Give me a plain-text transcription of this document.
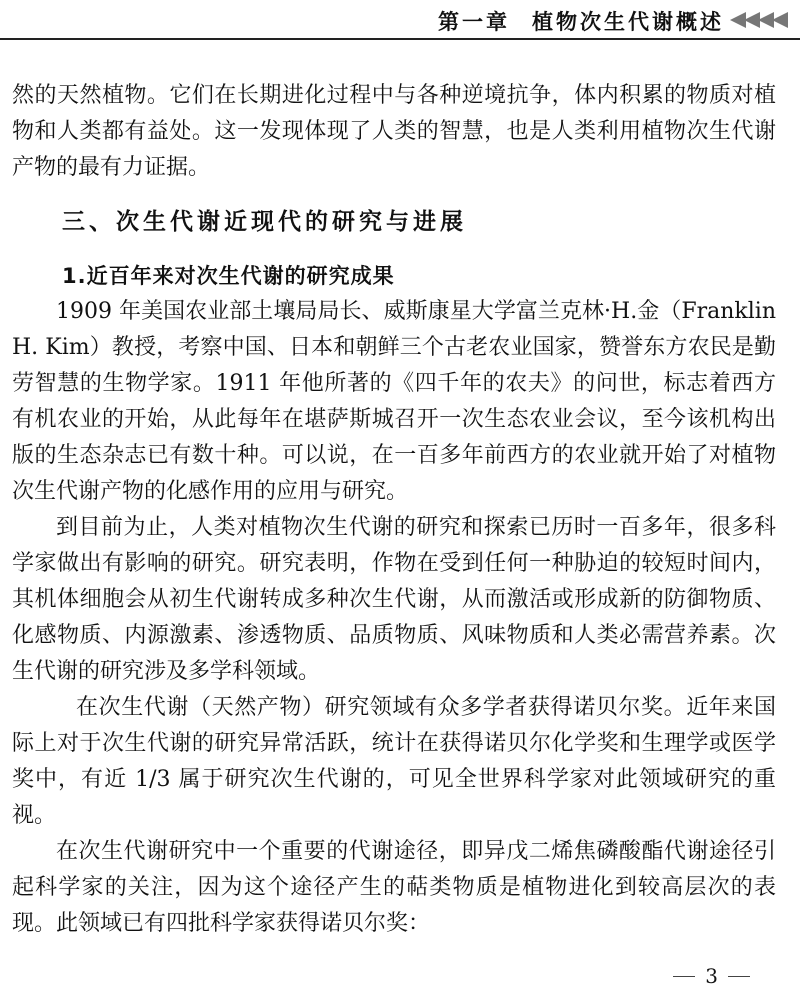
第一章 植物次生代谢概述

然的天然植物。它们在长期进化过程中与各种逆境抗争，体内积累的物质对植物和人类都有益处。这一发现体现了人类的智慧，也是人类利用植物次生代谢产物的最有力证据。

三、次生代谢近现代的研究与进展
1.近百年来对次生代谢的研究成果

1909 年美国农业部土壤局局长、威斯康星大学富兰克林·H.金（Franklin H. Kim）教授，考察中国、日本和朝鲜三个古老农业国家，赞誉东方农民是勤劳智慧的生物学家。1911 年他所著的《四千年的农夫》的问世，标志着西方有机农业的开始，从此每年在堪萨斯城召开一次生态农业会议，至今该机构出版的生态杂志已有数十种。可以说，在一百多年前西方的农业就开始了对植物次生代谢产物的化感作用的应用与研究。

到目前为止，人类对植物次生代谢的研究和探索已历时一百多年，很多科学家做出有影响的研究。研究表明，作物在受到任何一种胁迫的较短时间内，其机体细胞会从初生代谢转成多种次生代谢，从而激活或形成新的防御物质、化感物质、内源激素、渗透物质、品质物质、风味物质和人类必需营养素。次生代谢的研究涉及多学科领域。

在次生代谢（天然产物）研究领域有众多学者获得诺贝尔奖。近年来国际上对于次生代谢的研究异常活跃，统计在获得诺贝尔化学奖和生理学或医学奖中，有近 1/3 属于研究次生代谢的，可见全世界科学家对此领域研究的重视。

在次生代谢研究中一个重要的代谢途径，即异戊二烯焦磷酸酯代谢途径引起科学家的关注，因为这个途径产生的萜类物质是植物进化到较高层次的表现。此领域已有四批科学家获得诺贝尔奖：

3
